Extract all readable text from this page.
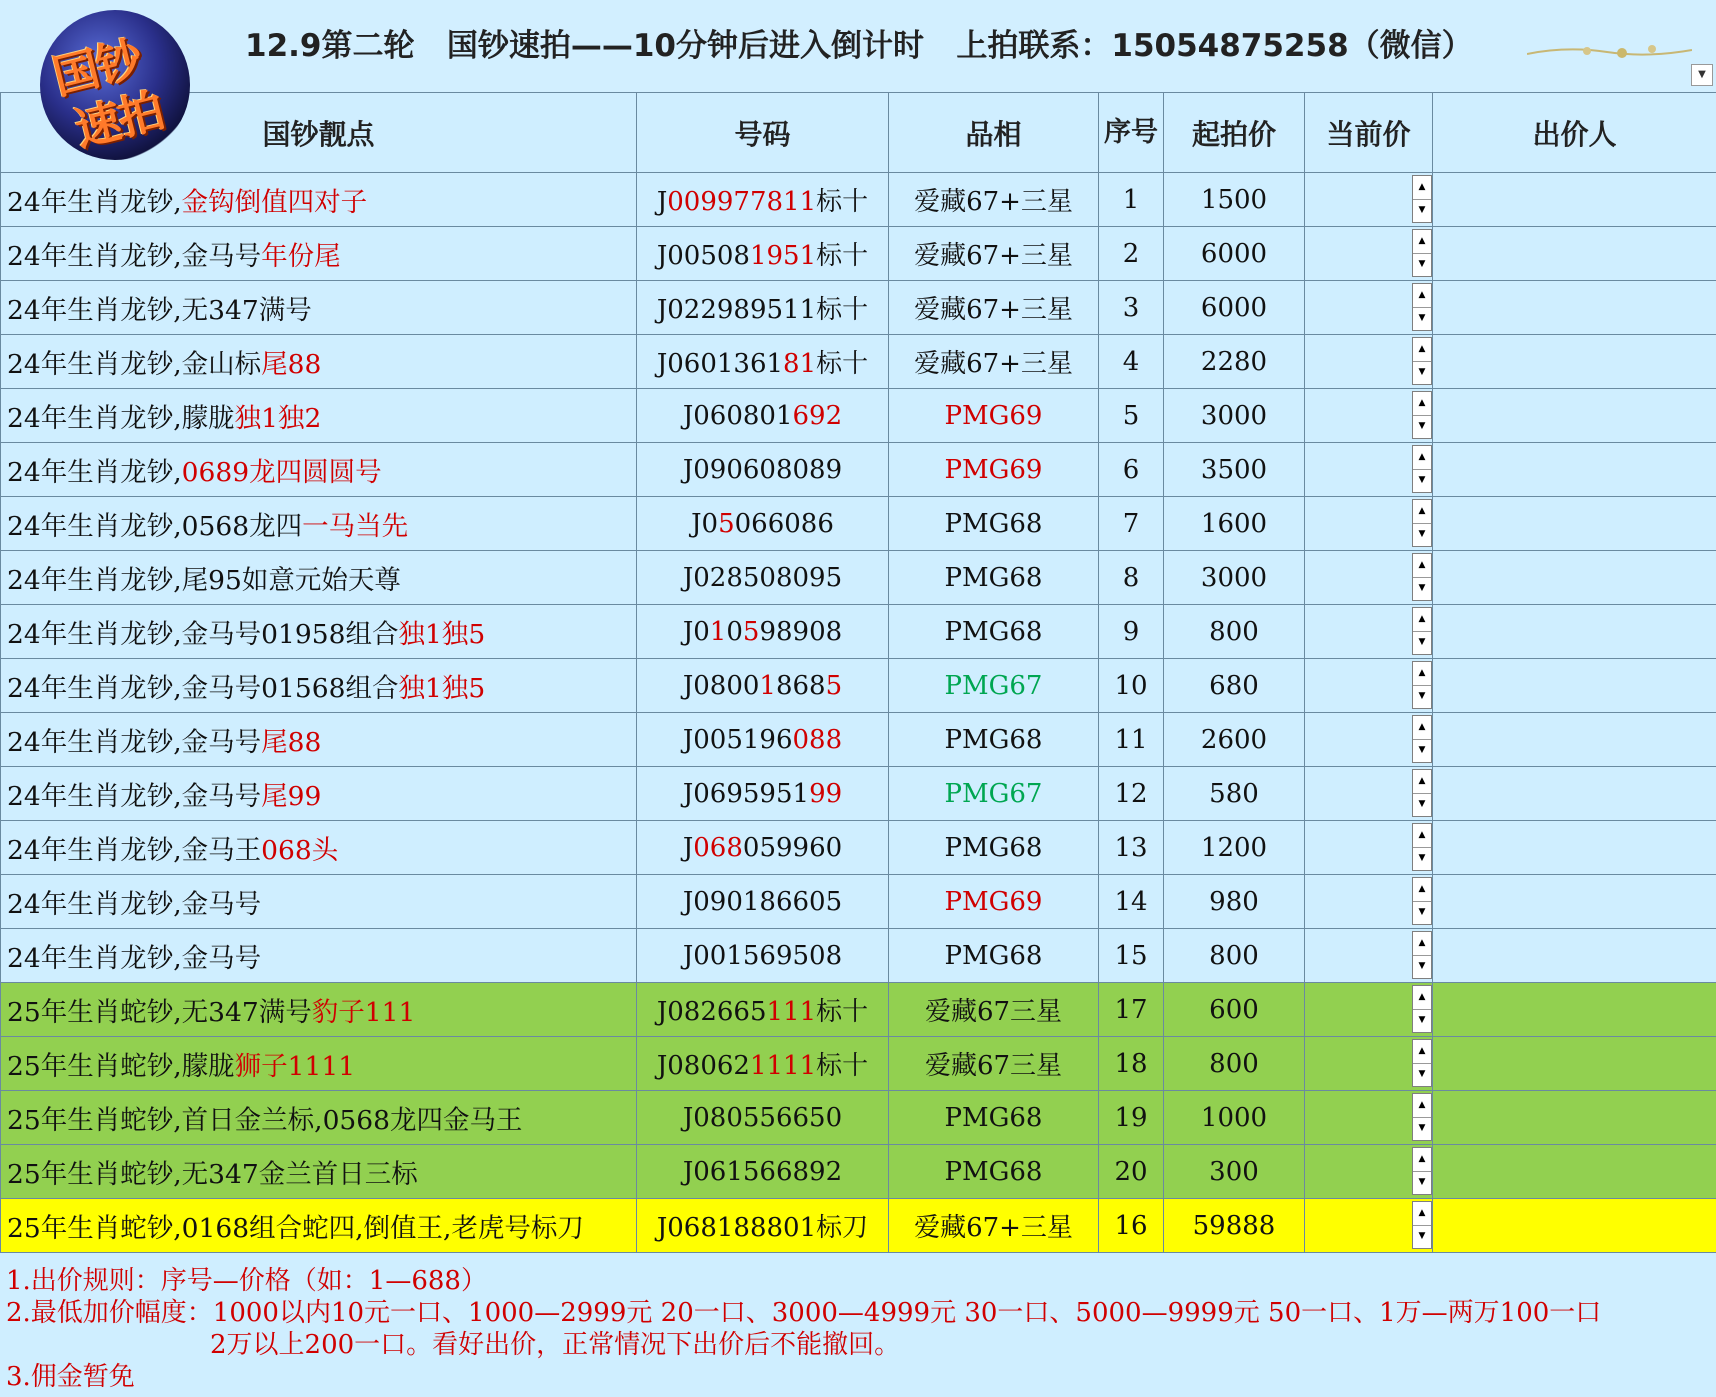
国钞
速拍
12.9第二轮   国钞速拍——10分钟后进入倒计时   上拍联系：15054875258（微信）
▼
国钞靓点	号码	品相	序号	起拍价	当前价	出价人
24年生肖龙钞,金钩倒值四对子	J009977811标十	爱藏67+三星	1	1500	▲
▼	

24年生肖龙钞,金马号年份尾	J005081951标十	爱藏67+三星	2	6000	▲
▼	

24年生肖龙钞,无347满号	J022989511标十	爱藏67+三星	3	6000	▲
▼	

24年生肖龙钞,金山标尾88	J060136181标十	爱藏67+三星	4	2280	▲
▼	

24年生肖龙钞,朦胧独1独2	J060801692	PMG69	5	3000	▲
▼	

24年生肖龙钞,0689龙四圆圆号	J090608089	PMG69	6	3500	▲
▼	

24年生肖龙钞,0568龙四一马当先	J05066086	PMG68	7	1600	▲
▼	

24年生肖龙钞,尾95如意元始天尊	J028508095	PMG68	8	3000	▲
▼	

24年生肖龙钞,金马号01958组合独1独5	J010598908	PMG68	9	800	▲
▼	

24年生肖龙钞,金马号01568组合独1独5	J080018685	PMG67	10	680	▲
▼	

24年生肖龙钞,金马号尾88	J005196088	PMG68	11	2600	▲
▼	

24年生肖龙钞,金马号尾99	J069595199	PMG67	12	580	▲
▼	

24年生肖龙钞,金马王068头	J068059960	PMG68	13	1200	▲
▼	

24年生肖龙钞,金马号	J090186605	PMG69	14	980	▲
▼	

24年生肖龙钞,金马号	J001569508	PMG68	15	800	▲
▼	

25年生肖蛇钞,无347满号豹子111	J082665111标十	爱藏67三星	17	600	▲
▼	

25年生肖蛇钞,朦胧狮子1111	J080621111标十	爱藏67三星	18	800	▲
▼	

25年生肖蛇钞,首日金兰标,0568龙四金马王	J080556650	PMG68	19	1000	▲
▼	

25年生肖蛇钞,无347金兰首日三标	J061566892	PMG68	20	300	▲
▼	

25年生肖蛇钞,0168组合蛇四,倒值王,老虎号标刀	J068188801标刀	爱藏67+三星	16	59888	▲
▼	

1.出价规则：序号—价格（如：1—688）
2.最低加价幅度：1000以内10元一口、1000—2999元 20一口、3000—4999元 30一口、5000—9999元 50一口、1万—两万100一口
2万以上200一口。看好出价，正常情况下出价后不能撤回。
3.佣金暂免
